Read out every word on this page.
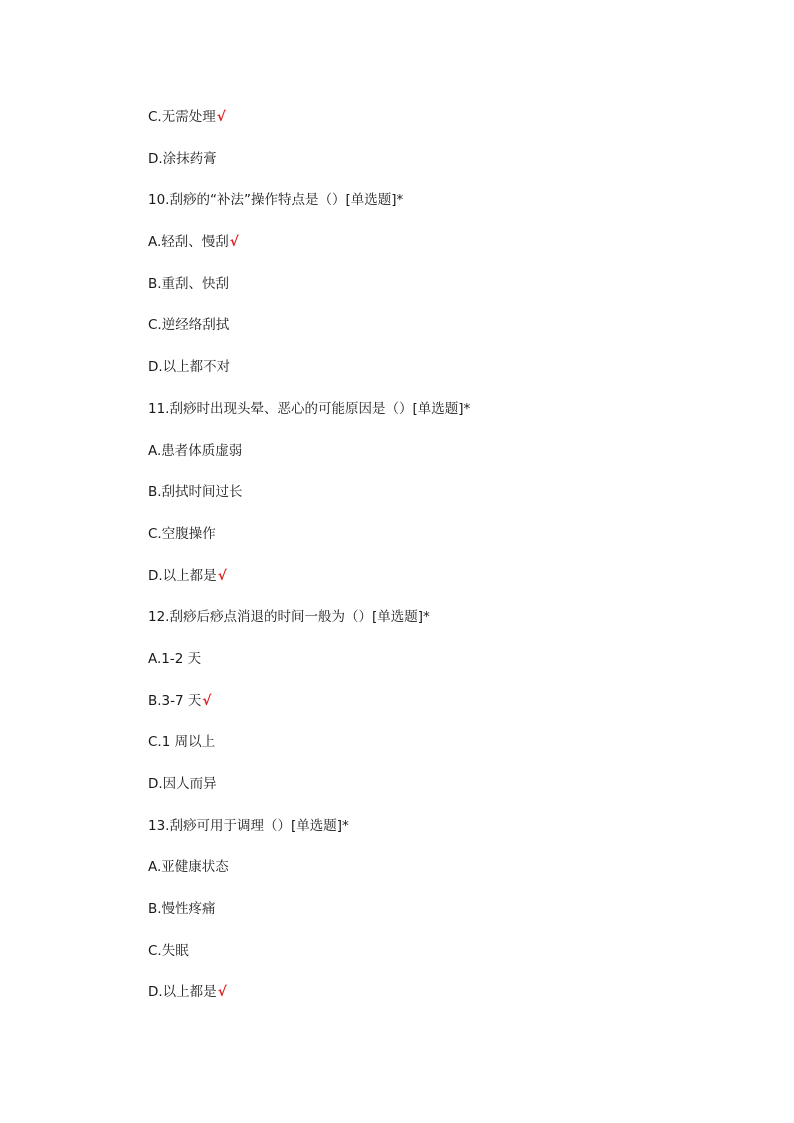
C.无需处理√
D.涂抹药膏
10.刮痧的“补法”操作特点是（）[单选题]*
A.轻刮、慢刮√
B.重刮、快刮
C.逆经络刮拭
D.以上都不对
11.刮痧时出现头晕、恶心的可能原因是（）[单选题]*
A.患者体质虚弱
B.刮拭时间过长
C.空腹操作
D.以上都是√
12.刮痧后痧点消退的时间一般为（）[单选题]*
A.1-2 天
B.3-7 天√
C.1 周以上
D.因人而异
13.刮痧可用于调理（）[单选题]*
A.亚健康状态
B.慢性疼痛
C.失眠
D.以上都是√
